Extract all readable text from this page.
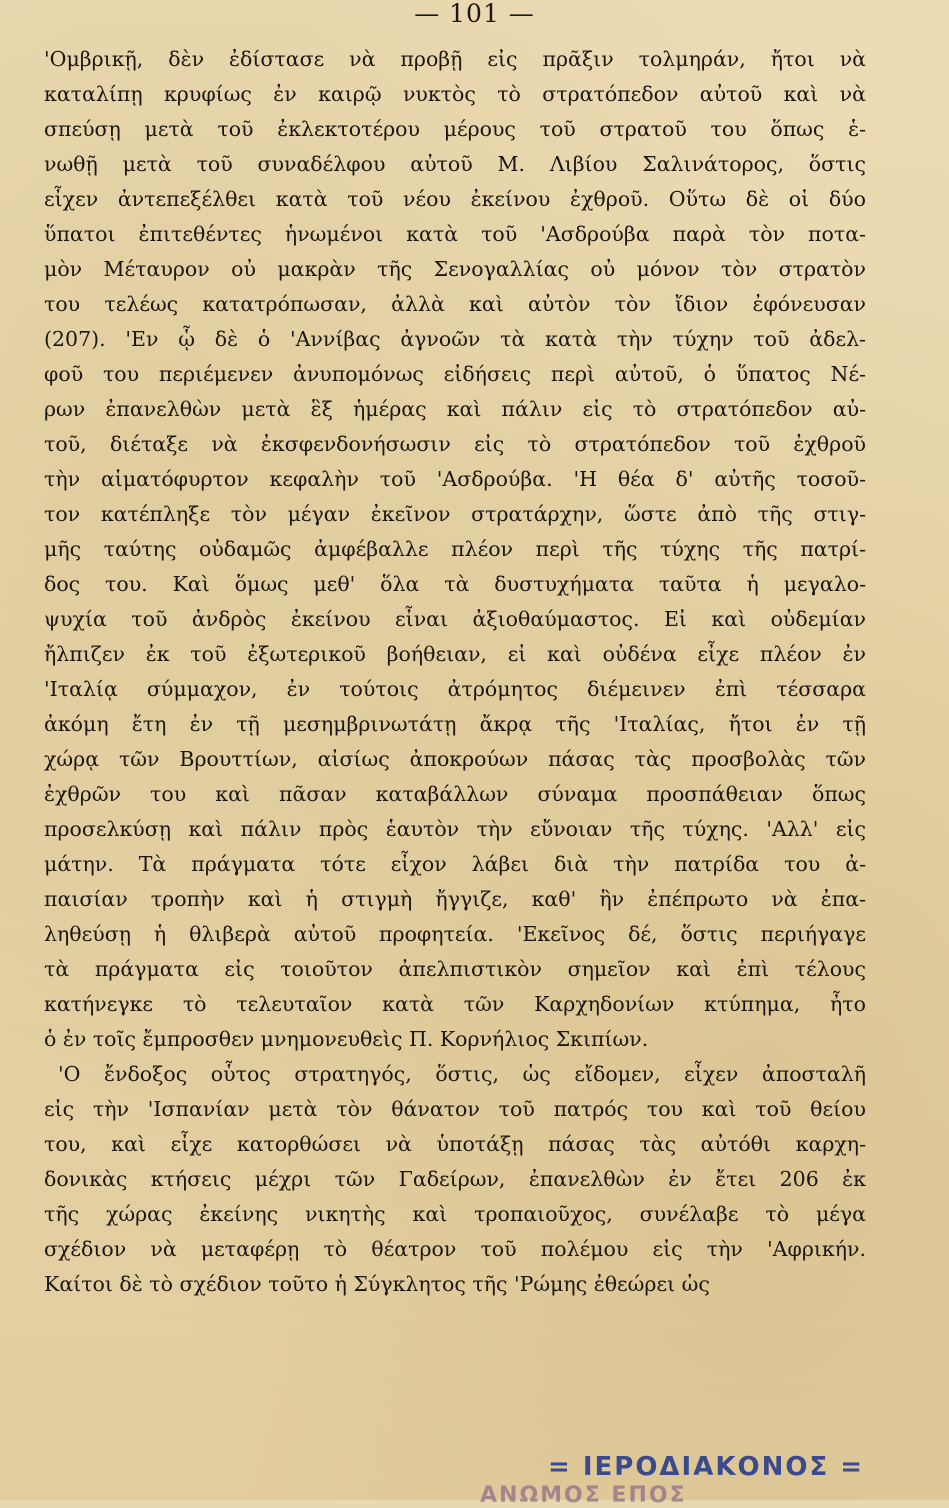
— 101 —
'Ομβρικῇ, δὲν ἐδίστασε νὰ προβῇ εἰς πρᾶξιν τολμηράν, ἤτοι νὰ
καταλίπῃ κρυφίως ἐν καιρῷ νυκτὸς τὸ στρατόπεδον αὐτοῦ καὶ νὰ
σπεύσῃ μετὰ τοῦ ἐκλεκτοτέρου μέρους τοῦ στρατοῦ του ὅπως ἑ-
νωθῇ μετὰ τοῦ συναδέλφου αὐτοῦ Μ. Λιβίου Σαλινάτορος, ὅστις
εἶχεν ἀντεπεξέλθει κατὰ τοῦ νέου ἐκείνου ἐχθροῦ. Οὕτω δὲ οἱ δύο
ὕπατοι ἐπιτεθέντες ἡνωμένοι κατὰ τοῦ 'Ασδρούβα παρὰ τὸν ποτα-
μὸν Μέταυρον οὐ μακρὰν τῆς Σενογαλλίας οὐ μόνον τὸν στρατὸν
του τελέως κατατρόπωσαν, ἀλλὰ καὶ αὐτὸν τὸν ἴδιον ἐφόνευσαν
(207). 'Εν ᾧ δὲ ὁ 'Αννίβας ἀγνοῶν τὰ κατὰ τὴν τύχην τοῦ ἀδελ-
φοῦ του περιέμενεν ἀνυπομόνως εἰδήσεις περὶ αὐτοῦ, ὁ ὕπατος Νέ-
ρων ἐπανελθὼν μετὰ ἓξ ἡμέρας καὶ πάλιν εἰς τὸ στρατόπεδον αὐ-
τοῦ, διέταξε νὰ ἐκσφενδονήσωσιν εἰς τὸ στρατόπεδον τοῦ ἐχθροῦ
τὴν αἱματόφυρτον κεφαλὴν τοῦ 'Ασδρούβα. 'Η θέα δ' αὐτῆς τοσοῦ-
τον κατέπληξε τὸν μέγαν ἐκεῖνον στρατάρχην, ὥστε ἀπὸ τῆς στιγ-
μῆς ταύτης οὐδαμῶς ἀμφέβαλλε πλέον περὶ τῆς τύχης τῆς πατρί-
δος του. Καὶ ὅμως μεθ' ὅλα τὰ δυστυχήματα ταῦτα ἡ μεγαλο-
ψυχία τοῦ ἀνδρὸς ἐκείνου εἶναι ἀξιοθαύμαστος. Εἰ καὶ οὐδεμίαν
ἤλπιζεν ἐκ τοῦ ἐξωτερικοῦ βοήθειαν, εἰ καὶ οὐδένα εἶχε πλέον ἐν
'Ιταλίᾳ σύμμαχον, ἐν τούτοις ἀτρόμητος διέμεινεν ἐπὶ τέσσαρα
ἀκόμη ἔτη ἐν τῇ μεσημβρινωτάτῃ ἄκρᾳ τῆς 'Ιταλίας, ἤτοι ἐν τῇ
χώρᾳ τῶν Βρουττίων, αἰσίως ἀποκρούων πάσας τὰς προσβολὰς τῶν
ἐχθρῶν του καὶ πᾶσαν καταβάλλων σύναμα προσπάθειαν ὅπως
προσελκύσῃ καὶ πάλιν πρὸς ἑαυτὸν τὴν εὔνοιαν τῆς τύχης. 'Αλλ' εἰς
μάτην. Τὰ πράγματα τότε εἶχον λάβει διὰ τὴν πατρίδα του ἀ-
παισίαν τροπὴν καὶ ἡ στιγμὴ ἤγγιζε, καθ' ἣν ἐπέπρωτο νὰ ἐπα-
ληθεύσῃ ἡ θλιβερὰ αὐτοῦ προφητεία. 'Εκεῖνος δέ, ὅστις περιήγαγε
τὰ πράγματα εἰς τοιοῦτον ἀπελπιστικὸν σημεῖον καὶ ἐπὶ τέλους
κατήνεγκε τὸ τελευταῖον κατὰ τῶν Καρχηδονίων κτύπημα, ἦτο
ὁ ἐν τοῖς ἔμπροσθεν μνημονευθεὶς Π. Κορνήλιος Σκιπίων.
'Ο ἔνδοξος οὗτος στρατηγός, ὅστις, ὡς εἴδομεν, εἶχεν ἀποσταλῆ
εἰς τὴν 'Ισπανίαν μετὰ τὸν θάνατον τοῦ πατρός του καὶ τοῦ θείου
του, καὶ εἶχε κατορθώσει νὰ ὑποτάξῃ πάσας τὰς αὐτόθι καρχη-
δονικὰς κτήσεις μέχρι τῶν Γαδείρων, ἐπανελθὼν ἐν ἔτει 206 ἐκ
τῆς χώρας ἐκείνης νικητὴς καὶ τροπαιοῦχος, συνέλαβε τὸ μέγα
σχέδιον νὰ μεταφέρῃ τὸ θέατρον τοῦ πολέμου εἰς τὴν 'Αφρικήν.
Καίτοι δὲ τὸ σχέδιον τοῦτο ἡ Σύγκλητος τῆς 'Ρώμης ἐθεώρει ὡς
= ΙΕΡΟΔΙΑΚΟΝΟΣ =
ΑΝΩΜΟΣ ΕΠΟΣ
